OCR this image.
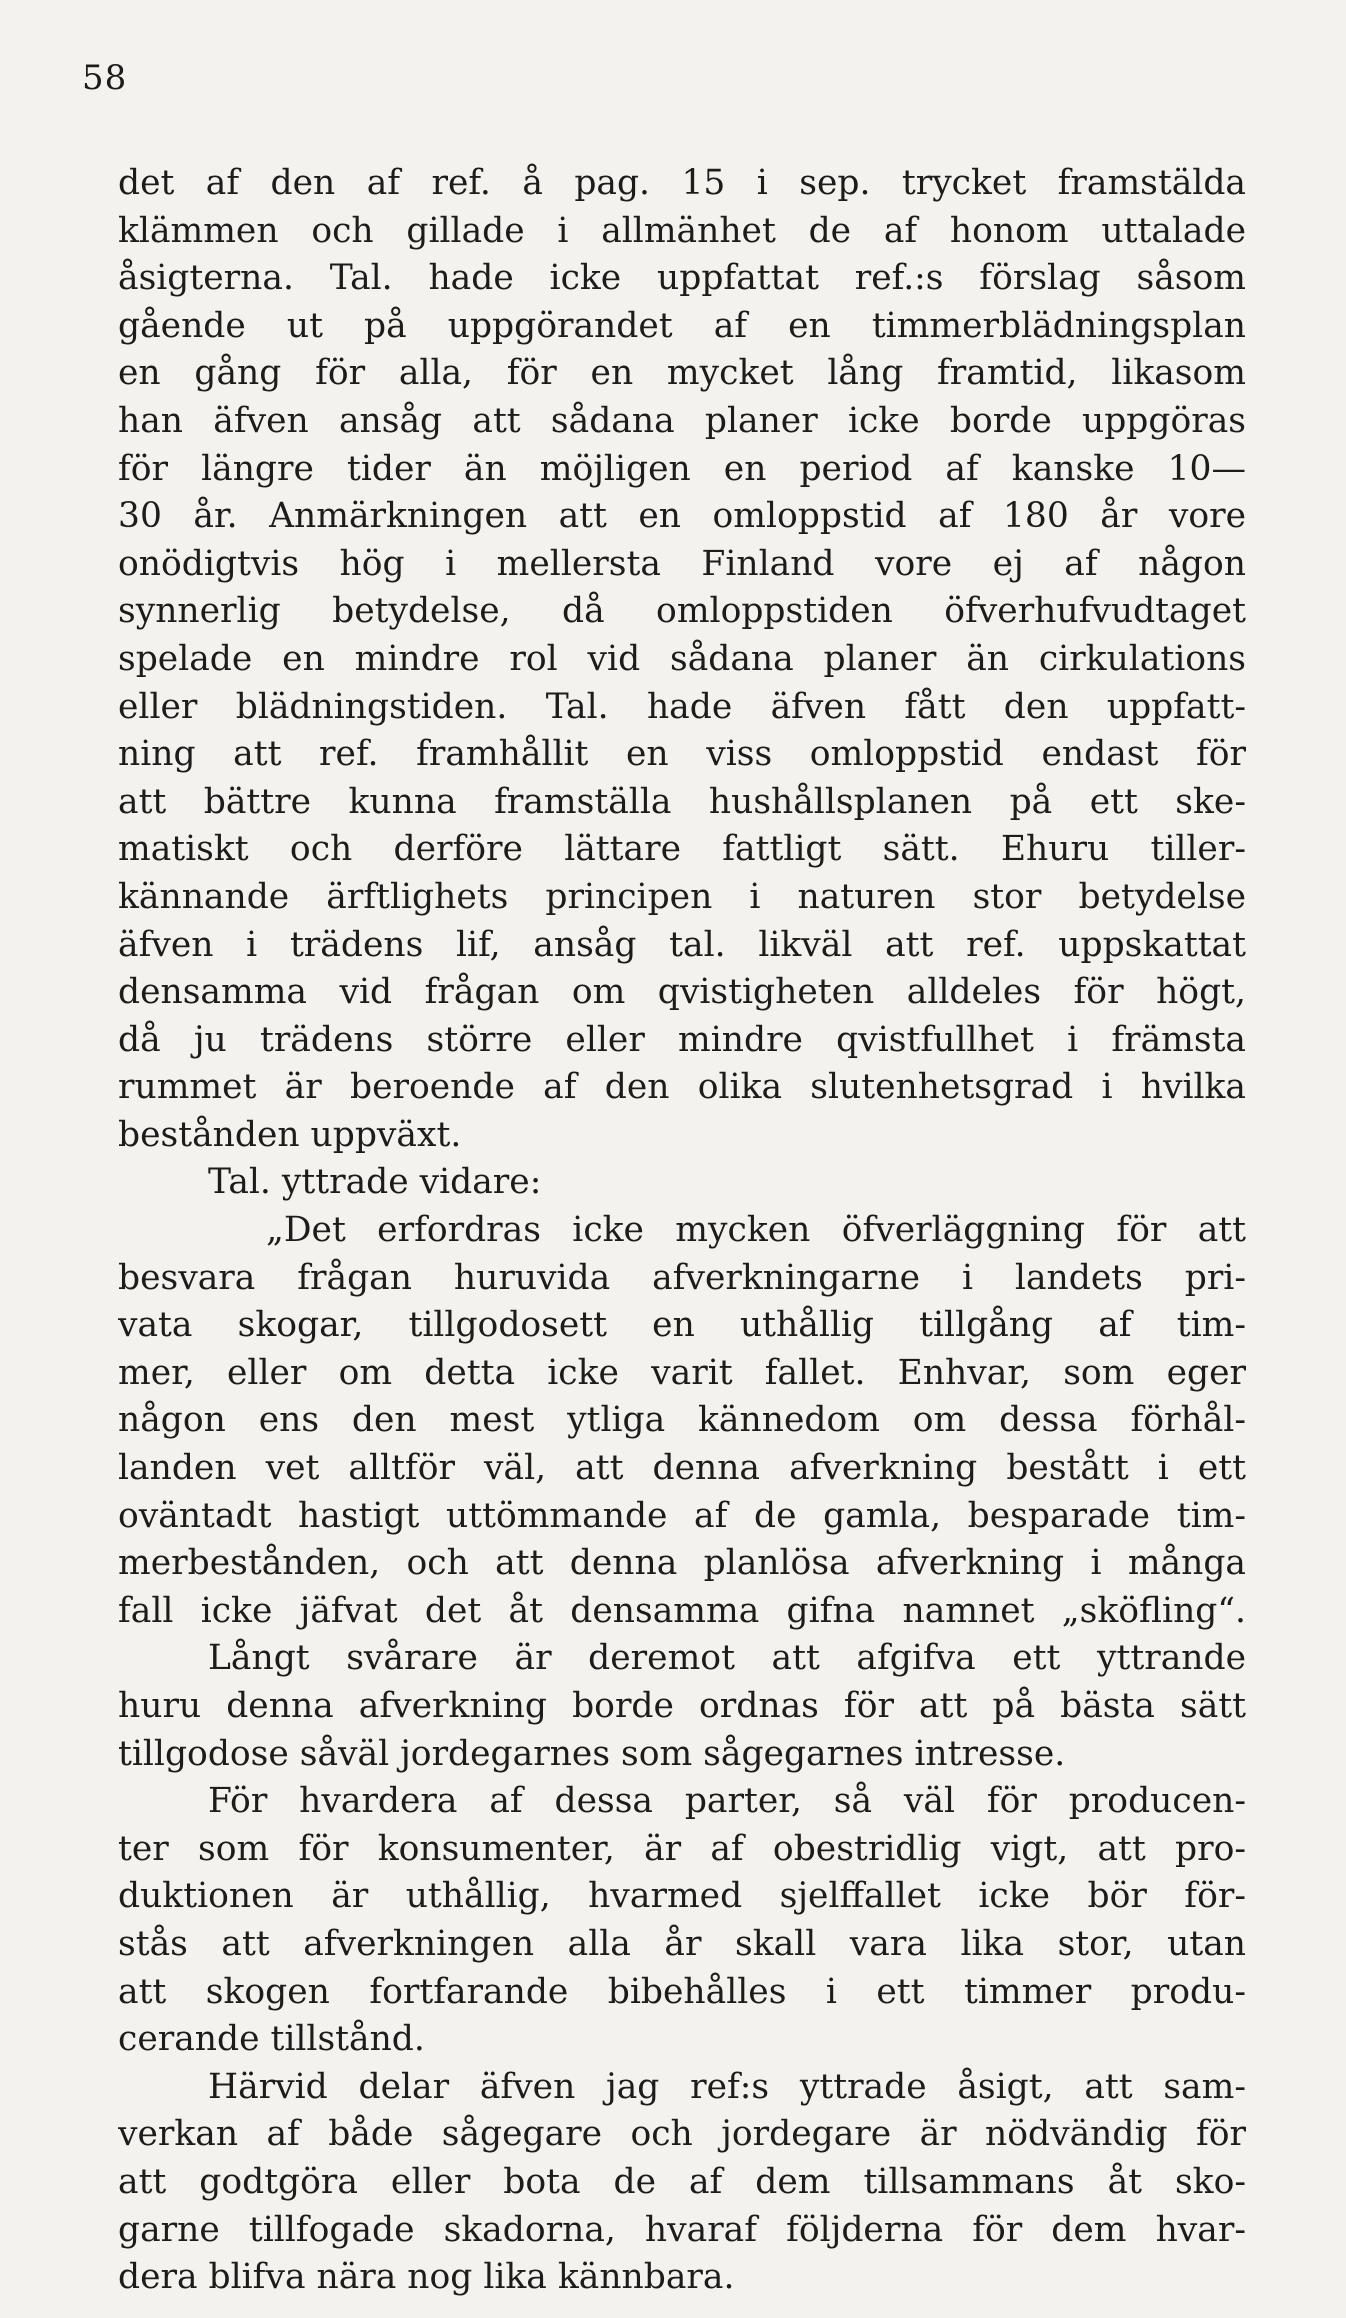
58
det af den af ref. å pag. 15 i sep. trycket framstälda
klämmen och gillade i allmänhet de af honom uttalade
åsigterna. Tal. hade icke uppfattat ref.:s förslag såsom
gående ut på uppgörandet af en timmerblädningsplan
en gång för alla, för en mycket lång framtid, likasom
han äfven ansåg att sådana planer icke borde uppgöras
för längre tider än möjligen en period af kanske 10—
30 år. Anmärkningen att en omloppstid af 180 år vore
onödigtvis hög i mellersta Finland vore ej af någon
synnerlig betydelse, då omloppstiden öfverhufvudtaget
spelade en mindre rol vid sådana planer än cirkulations
eller blädningstiden. Tal. hade äfven fått den uppfatt-
ning att ref. framhållit en viss omloppstid endast för
att bättre kunna framställa hushållsplanen på ett ske-
matiskt och derföre lättare fattligt sätt. Ehuru tiller-
kännande ärftlighets principen i naturen stor betydelse
äfven i trädens lif, ansåg tal. likväl att ref. uppskattat
densamma vid frågan om qvistigheten alldeles för högt,
då ju trädens större eller mindre qvistfullhet i främsta
rummet är beroende af den olika slutenhetsgrad i hvilka
bestånden uppväxt.
Tal. yttrade vidare:
„Det erfordras icke mycken öfverläggning för att
besvara frågan huruvida afverkningarne i landets pri-
vata skogar, tillgodosett en uthållig tillgång af tim-
mer, eller om detta icke varit fallet. Enhvar, som eger
någon ens den mest ytliga kännedom om dessa förhål-
landen vet alltför väl, att denna afverkning bestått i ett
oväntadt hastigt uttömmande af de gamla, besparade tim-
merbestånden, och att denna planlösa afverkning i många
fall icke jäfvat det åt densamma gifna namnet „sköfling“.
Långt svårare är deremot att afgifva ett yttrande
huru denna afverkning borde ordnas för att på bästa sätt
tillgodose såväl jordegarnes som sågegarnes intresse.
För hvardera af dessa parter, så väl för producen-
ter som för konsumenter, är af obestridlig vigt, att pro-
duktionen är uthållig, hvarmed sjelffallet icke bör för-
stås att afverkningen alla år skall vara lika stor, utan
att skogen fortfarande bibehålles i ett timmer produ-
cerande tillstånd.
Härvid delar äfven jag ref:s yttrade åsigt, att sam-
verkan af både sågegare och jordegare är nödvändig för
att godtgöra eller bota de af dem tillsammans åt sko-
garne tillfogade skadorna, hvaraf följderna för dem hvar-
dera blifva nära nog lika kännbara.
